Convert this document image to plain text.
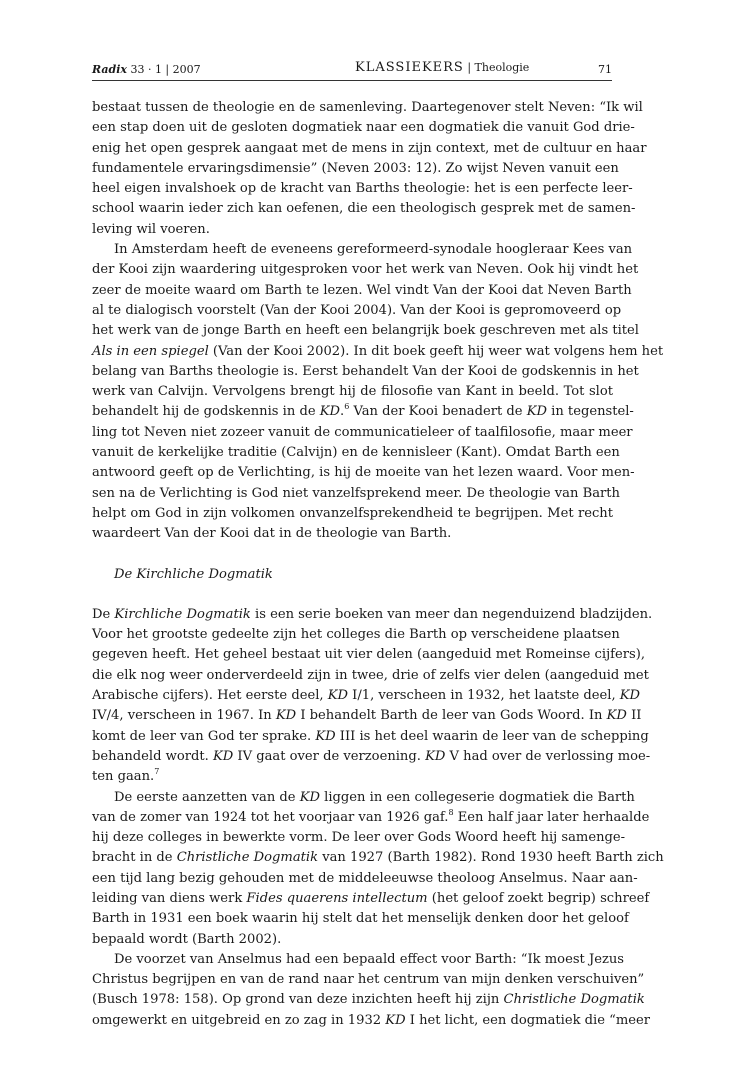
Radix 33 · 1 | 2007	KLASSIEKERS | Theologie	71
bestaat tussen de theologie en de samenleving. Daartegenover stelt Neven: “Ik wil
een stap doen uit de gesloten dogmatiek naar een dogmatiek die vanuit God drie-
enig het open gesprek aangaat met de mens in zijn context, met de cultuur en haar
fundamentele ervaringsdimensie” (Neven 2003: 12). Zo wijst Neven vanuit een
heel eigen invalshoek op de kracht van Barths theologie: het is een perfecte leer-
school waarin ieder zich kan oefenen, die een theologisch gesprek met de samen-
leving wil voeren.
In Amsterdam heeft de eveneens gereformeerd-synodale hoogleraar Kees van
der Kooi zijn waardering uitgesproken voor het werk van Neven. Ook hij vindt het
zeer de moeite waard om Barth te lezen. Wel vindt Van der Kooi dat Neven Barth
al te dialogisch voorstelt (Van der Kooi 2004). Van der Kooi is gepromoveerd op
het werk van de jonge Barth en heeft een belangrijk boek geschreven met als titel
Als in een spiegel (Van der Kooi 2002). In dit boek geeft hij weer wat volgens hem het
belang van Barths theologie is. Eerst behandelt Van der Kooi de godskennis in het
werk van Calvijn. Vervolgens brengt hij de filosofie van Kant in beeld. Tot slot
behandelt hij de godskennis in de KD.$^6$ Van der Kooi benadert de KD in tegenstel-
ling tot Neven niet zozeer vanuit de communicatieleer of taalfilosofie, maar meer
vanuit de kerkelijke traditie (Calvijn) en de kennisleer (Kant). Omdat Barth een
antwoord geeft op de Verlichting, is hij de moeite van het lezen waard. Voor men-
sen na de Verlichting is God niet vanzelfsprekend meer. De theologie van Barth
helpt om God in zijn volkomen onvanzelfsprekendheid te begrijpen. Met recht
waardeert Van der Kooi dat in de theologie van Barth.
De Kirchliche Dogmatik
De Kirchliche Dogmatik is een serie boeken van meer dan negenduizend bladzijden.
Voor het grootste gedeelte zijn het colleges die Barth op verscheidene plaatsen
gegeven heeft. Het geheel bestaat uit vier delen (aangeduid met Romeinse cijfers),
die elk nog weer onderverdeeld zijn in twee, drie of zelfs vier delen (aangeduid met
Arabische cijfers). Het eerste deel, KD I/1, verscheen in 1932, het laatste deel, KD
IV/4, verscheen in 1967. In KD I behandelt Barth de leer van Gods Woord. In KD II
komt de leer van God ter sprake. KD III is het deel waarin de leer van de schepping
behandeld wordt. KD IV gaat over de verzoening. KD V had over de verlossing moe-
ten gaan.$^7$
De eerste aanzetten van de KD liggen in een collegeserie dogmatiek die Barth
van de zomer van 1924 tot het voorjaar van 1926 gaf.$^8$ Een half jaar later herhaalde
hij deze colleges in bewerkte vorm. De leer over Gods Woord heeft hij samenge-
bracht in de Christliche Dogmatik van 1927 (Barth 1982). Rond 1930 heeft Barth zich
een tijd lang bezig gehouden met de middeleeuwse theoloog Anselmus. Naar aan-
leiding van diens werk Fides quaerens intellectum (het geloof zoekt begrip) schreef
Barth in 1931 een boek waarin hij stelt dat het menselijk denken door het geloof
bepaald wordt (Barth 2002).
De voorzet van Anselmus had een bepaald effect voor Barth: “Ik moest Jezus
Christus begrijpen en van de rand naar het centrum van mijn denken verschuiven”
(Busch 1978: 158). Op grond van deze inzichten heeft hij zijn Christliche Dogmatik
omgewerkt en uitgebreid en zo zag in 1932 KD I het licht, een dogmatiek die “meer
